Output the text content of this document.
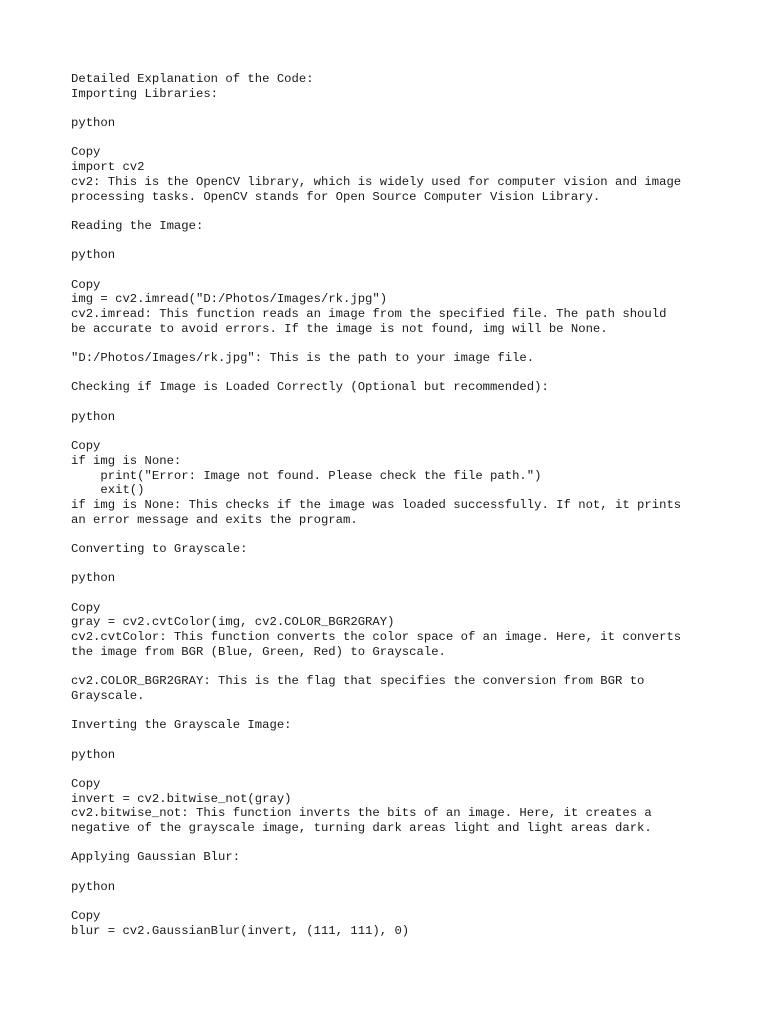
Detailed Explanation of the Code:
Importing Libraries:
python
Copy
import cv2
cv2: This is the OpenCV library, which is widely used for computer vision and image
processing tasks. OpenCV stands for Open Source Computer Vision Library.
Reading the Image:
python
Copy
img = cv2.imread("D:/Photos/Images/rk.jpg")
cv2.imread: This function reads an image from the specified file. The path should
be accurate to avoid errors. If the image is not found, img will be None.
"D:/Photos/Images/rk.jpg": This is the path to your image file.
Checking if Image is Loaded Correctly (Optional but recommended):
python
Copy
if img is None:
print("Error: Image not found. Please check the file path.")
exit()
if img is None: This checks if the image was loaded successfully. If not, it prints
an error message and exits the program.
Converting to Grayscale:
python
Copy
gray = cv2.cvtColor(img, cv2.COLOR_BGR2GRAY)
cv2.cvtColor: This function converts the color space of an image. Here, it converts
the image from BGR (Blue, Green, Red) to Grayscale.
cv2.COLOR_BGR2GRAY: This is the flag that specifies the conversion from BGR to
Grayscale.
Inverting the Grayscale Image:
python
Copy
invert = cv2.bitwise_not(gray)
cv2.bitwise_not: This function inverts the bits of an image. Here, it creates a
negative of the grayscale image, turning dark areas light and light areas dark.
Applying Gaussian Blur:
python
Copy
blur = cv2.GaussianBlur(invert, (111, 111), 0)
